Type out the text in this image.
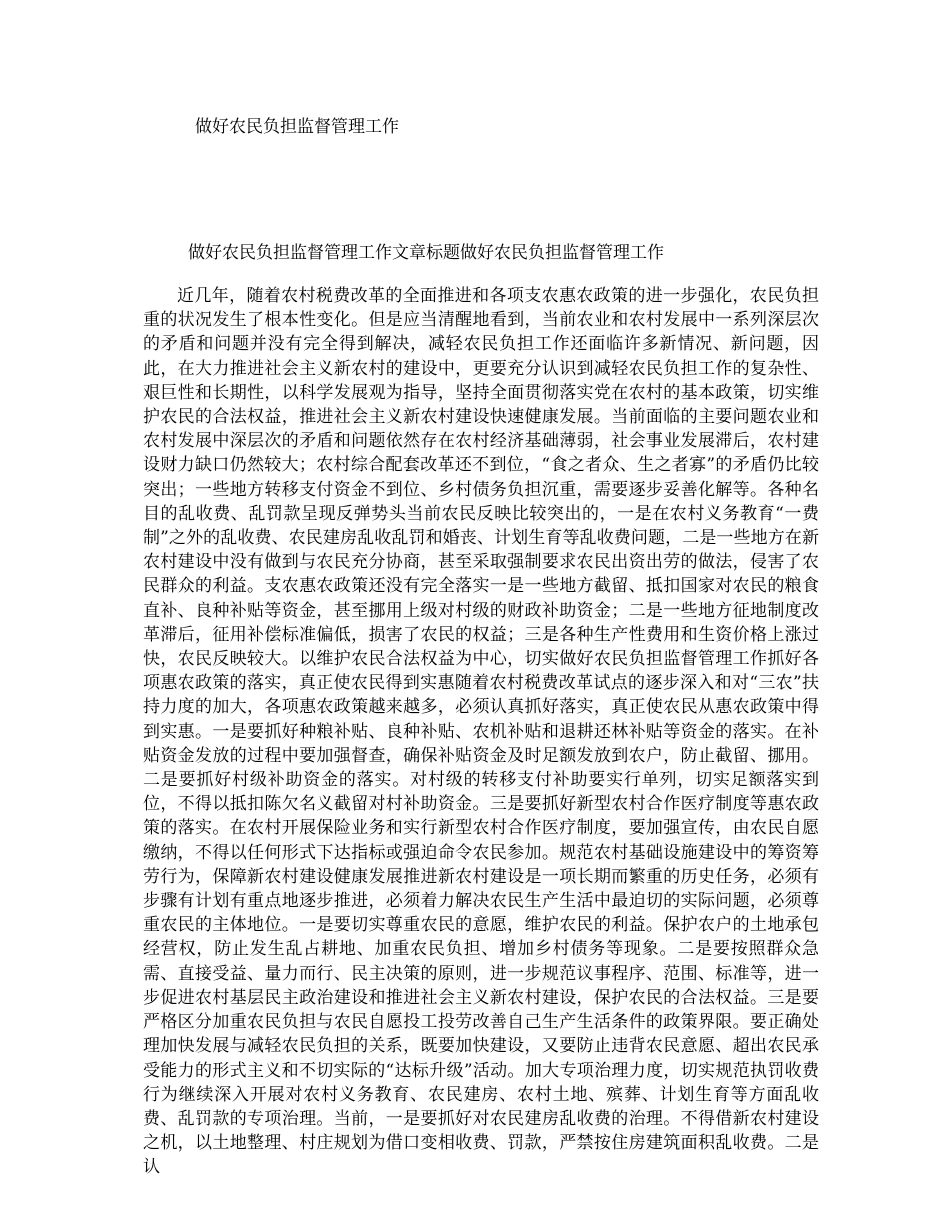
做好农民负担监督管理工作
做好农民负担监督管理工作文章标题做好农民负担监督管理工作

近几年，随着农村税费改革的全面推进和各项支农惠农政策的进一步强化，农民负担重的状况发生了根本性变化。但是应当清醒地看到，当前农业和农村发展中一系列深层次的矛盾和问题并没有完全得到解决，减轻农民负担工作还面临许多新情况、新问题，因此，在大力推进社会主义新农村的建设中，更要充分认识到减轻农民负担工作的复杂性、艰巨性和长期性，以科学发展观为指导，坚持全面贯彻落实党在农村的基本政策，切实维护农民的合法权益，推进社会主义新农村建设快速健康发展。当前面临的主要问题农业和农村发展中深层次的矛盾和问题依然存在农村经济基础薄弱，社会事业发展滞后，农村建设财力缺口仍然较大；农村综合配套改革还不到位，“食之者众、生之者寡”的矛盾仍比较突出；一些地方转移支付资金不到位、乡村债务负担沉重，需要逐步妥善化解等。各种名目的乱收费、乱罚款呈现反弹势头当前农民反映比较突出的，一是在农村义务教育“一费制”之外的乱收费、农民建房乱收乱罚和婚丧、计划生育等乱收费问题，二是一些地方在新农村建设中没有做到与农民充分协商，甚至采取强制要求农民出资出劳的做法，侵害了农民群众的利益。支农惠农政策还没有完全落实一是一些地方截留、抵扣国家对农民的粮食直补、良种补贴等资金，甚至挪用上级对村级的财政补助资金；二是一些地方征地制度改革滞后，征用补偿标准偏低，损害了农民的权益；三是各种生产性费用和生资价格上涨过快，农民反映较大。以维护农民合法权益为中心，切实做好农民负担监督管理工作抓好各项惠农政策的落实，真正使农民得到实惠随着农村税费改革试点的逐步深入和对“三农”扶持力度的加大，各项惠农政策越来越多，必须认真抓好落实，真正使农民从惠农政策中得到实惠。一是要抓好种粮补贴、良种补贴、农机补贴和退耕还林补贴等资金的落实。在补贴资金发放的过程中要加强督查，确保补贴资金及时足额发放到农户，防止截留、挪用。二是要抓好村级补助资金的落实。对村级的转移支付补助要实行单列，切实足额落实到位，不得以抵扣陈欠名义截留对村补助资金。三是要抓好新型农村合作医疗制度等惠农政策的落实。在农村开展保险业务和实行新型农村合作医疗制度，要加强宣传，由农民自愿缴纳，不得以任何形式下达指标或强迫命令农民参加。规范农村基础设施建设中的筹资筹劳行为，保障新农村建设健康发展推进新农村建设是一项长期而繁重的历史任务，必须有步骤有计划有重点地逐步推进，必须着力解决农民生产生活中最迫切的实际问题，必须尊重农民的主体地位。一是要切实尊重农民的意愿，维护农民的利益。保护农户的土地承包经营权，防止发生乱占耕地、加重农民负担、增加乡村债务等现象。二是要按照群众急需、直接受益、量力而行、民主决策的原则，进一步规范议事程序、范围、标准等，进一步促进农村基层民主政治建设和推进社会主义新农村建设，保护农民的合法权益。三是要严格区分加重农民负担与农民自愿投工投劳改善自己生产生活条件的政策界限。要正确处理加快发展与减轻农民负担的关系，既要加快建设，又要防止违背农民意愿、超出农民承受能力的形式主义和不切实际的“达标升级”活动。加大专项治理力度，切实规范执罚收费行为继续深入开展对农村义务教育、农民建房、农村土地、殡葬、计划生育等方面乱收费、乱罚款的专项治理。当前，一是要抓好对农民建房乱收费的治理。不得借新农村建设之机，以土地整理、村庄规划为借口变相收费、罚款，严禁按住房建筑面积乱收费。二是认
